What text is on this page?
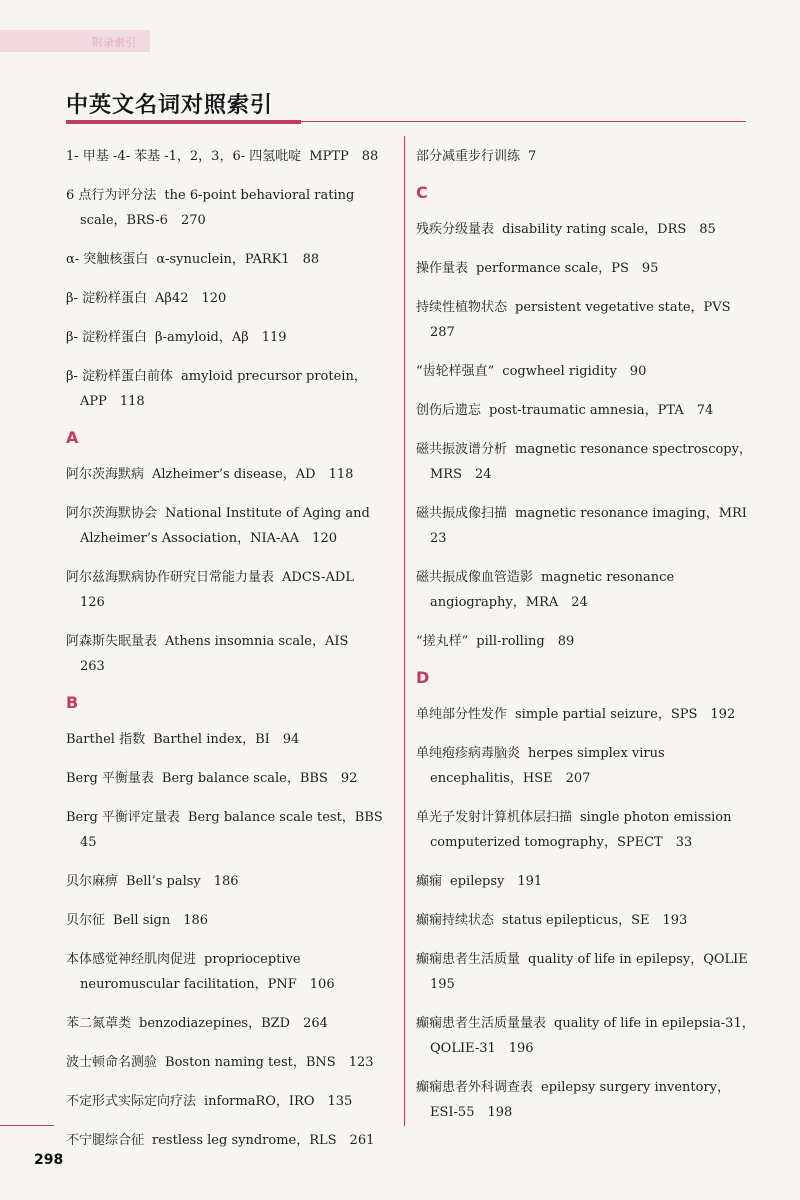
附录索引
中英文名词对照索引
1- 甲基 -4- 苯基 -1，2，3，6- 四氢吡啶 MPTP　88
6 点行为评分法 the 6-point behavioral rating scale，BRS-6　270
α- 突触核蛋白 α-synuclein，PARK1　88
β- 淀粉样蛋白 Aβ42　120
β- 淀粉样蛋白 β-amyloid，Aβ　119
β- 淀粉样蛋白前体 amyloid precursor protein，APP　118
A
阿尔茨海默病 Alzheimer’s disease，AD　118
阿尔茨海默协会 National Institute of Aging and Alzheimer’s Association，NIA-AA　120
阿尔兹海默病协作研究日常能力量表 ADCS-ADL　126
阿森斯失眠量表 Athens insomnia scale，AIS　263
B
Barthel 指数 Barthel index，BI　94
Berg 平衡量表 Berg balance scale，BBS　92
Berg 平衡评定量表 Berg balance scale test，BBS　45
贝尔麻痹 Bell’s palsy　186
贝尔征 Bell sign　186
本体感觉神经肌肉促进 proprioceptive neuromuscular facilitation，PNF　106
苯二氮䓬类 benzodiazepines，BZD　264
波士顿命名测验 Boston naming test，BNS　123
不定形式实际定向疗法 informaRO，IRO　135
不宁腿综合征 restless leg syndrome，RLS　261
部分减重步行训练 7
C
残疾分级量表 disability rating scale，DRS　85
操作量表 performance scale，PS　95
持续性植物状态 persistent vegetative state，PVS　287
“齿轮样强直” cogwheel rigidity　90
创伤后遗忘 post-traumatic amnesia，PTA　74
磁共振波谱分析 magnetic resonance spectroscopy，MRS　24
磁共振成像扫描 magnetic resonance imaging，MRI　23
磁共振成像血管造影 magnetic resonance angiography，MRA　24
“搓丸样” pill-rolling　89
D
单纯部分性发作 simple partial seizure，SPS　192
单纯疱疹病毒脑炎 herpes simplex virus encephalitis，HSE　207
单光子发射计算机体层扫描 single photon emission computerized tomography，SPECT　33
癫痫 epilepsy　191
癫痫持续状态 status epilepticus，SE　193
癫痫患者生活质量 quality of life in epilepsy，QOLIE　195
癫痫患者生活质量量表 quality of life in epilepsia-31，QOLIE-31　196
癫痫患者外科调查表 epilepsy surgery inventory，ESI-55　198
298
